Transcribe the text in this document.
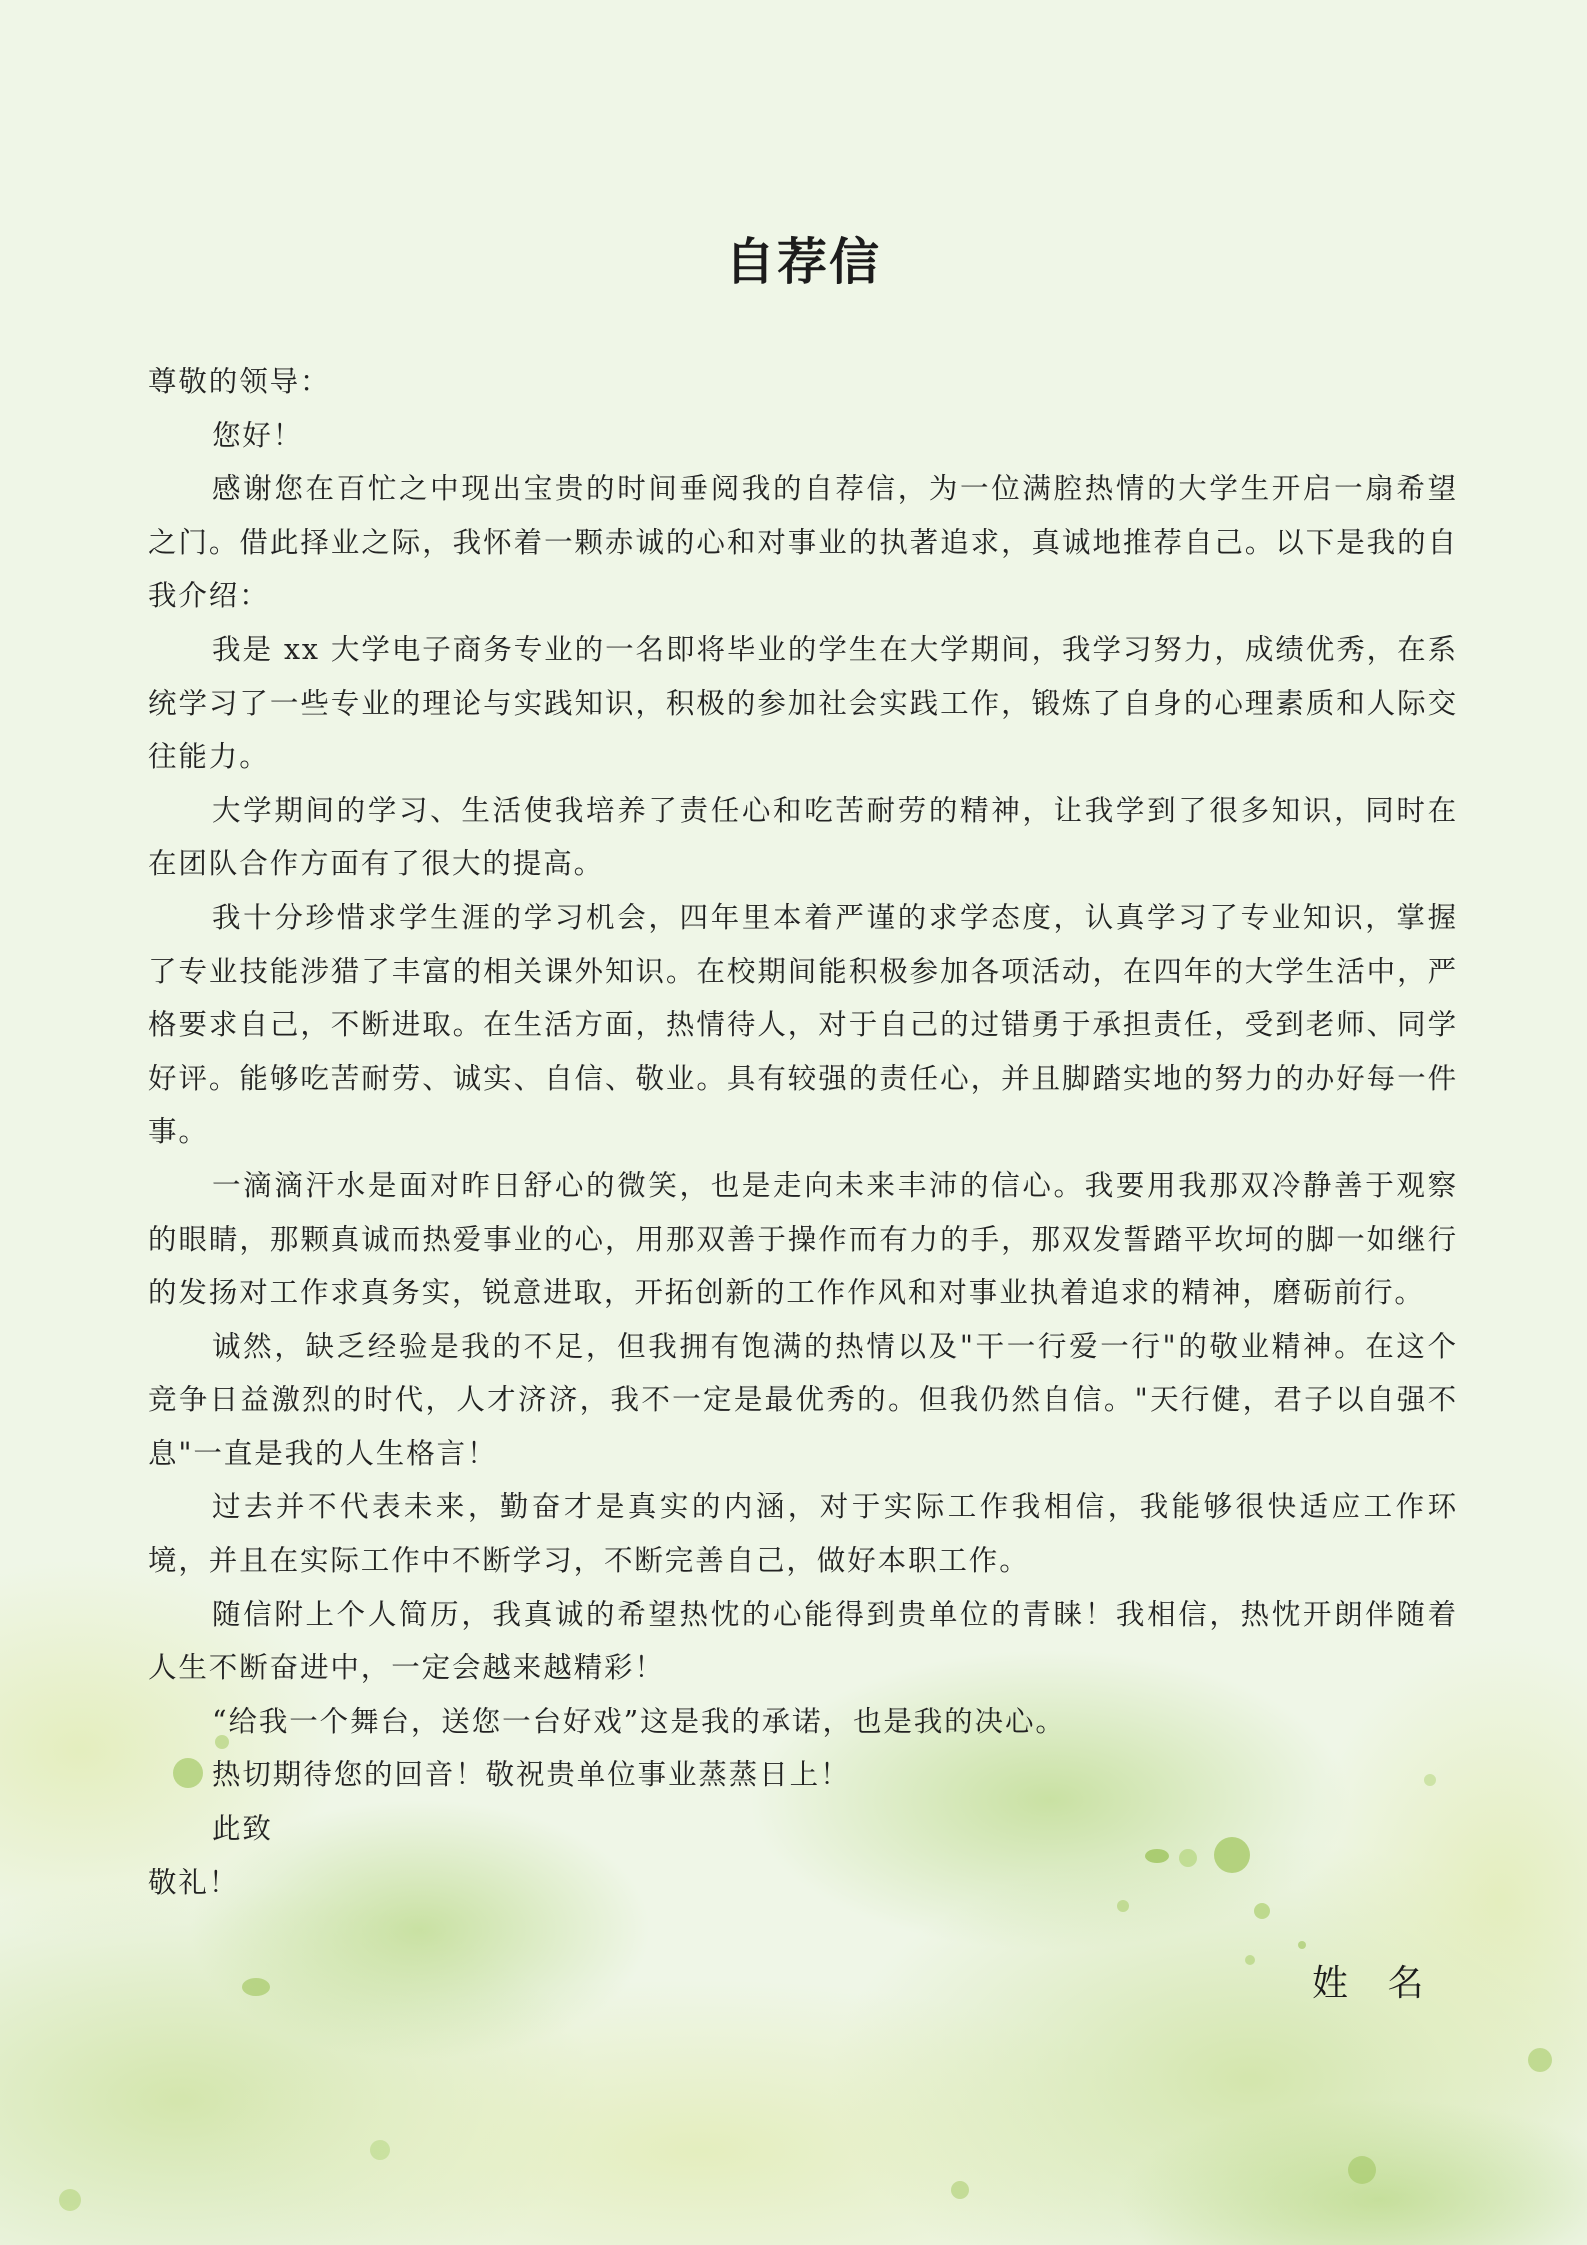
自荐信

尊敬的领导：

您好！

感谢您在百忙之中现出宝贵的时间垂阅我的自荐信，为一位满腔热情的大学生开启一扇希望之门。借此择业之际，我怀着一颗赤诚的心和对事业的执著追求，真诚地推荐自己。以下是我的自我介绍：

我是 xx 大学电子商务专业的一名即将毕业的学生在大学期间，我学习努力，成绩优秀，在系统学习了一些专业的理论与实践知识，积极的参加社会实践工作，锻炼了自身的心理素质和人际交往能力。

大学期间的学习、生活使我培养了责任心和吃苦耐劳的精神，让我学到了很多知识，同时在在团队合作方面有了很大的提高。

我十分珍惜求学生涯的学习机会，四年里本着严谨的求学态度，认真学习了专业知识，掌握了专业技能涉猎了丰富的相关课外知识。在校期间能积极参加各项活动，在四年的大学生活中，严格要求自己，不断进取。在生活方面，热情待人，对于自己的过错勇于承担责任，受到老师、同学好评。能够吃苦耐劳、诚实、自信、敬业。具有较强的责任心，并且脚踏实地的努力的办好每一件事。

一滴滴汗水是面对昨日舒心的微笑，也是走向未来丰沛的信心。我要用我那双冷静善于观察的眼睛，那颗真诚而热爱事业的心，用那双善于操作而有力的手，那双发誓踏平坎坷的脚一如继行的发扬对工作求真务实，锐意进取，开拓创新的工作作风和对事业执着追求的精神，磨砺前行。

诚然，缺乏经验是我的不足，但我拥有饱满的热情以及"干一行爱一行"的敬业精神。在这个竞争日益激烈的时代，人才济济，我不一定是最优秀的。但我仍然自信。"天行健，君子以自强不息"一直是我的人生格言！

过去并不代表未来，勤奋才是真实的内涵，对于实际工作我相信，我能够很快适应工作环境，并且在实际工作中不断学习，不断完善自己，做好本职工作。

随信附上个人简历，我真诚的希望热忱的心能得到贵单位的青睐！我相信，热忱开朗伴随着人生不断奋进中，一定会越来越精彩！

“给我一个舞台，送您一台好戏”这是我的承诺，也是我的决心。

热切期待您的回音！敬祝贵单位事业蒸蒸日上！

此致

敬礼！

姓 名
